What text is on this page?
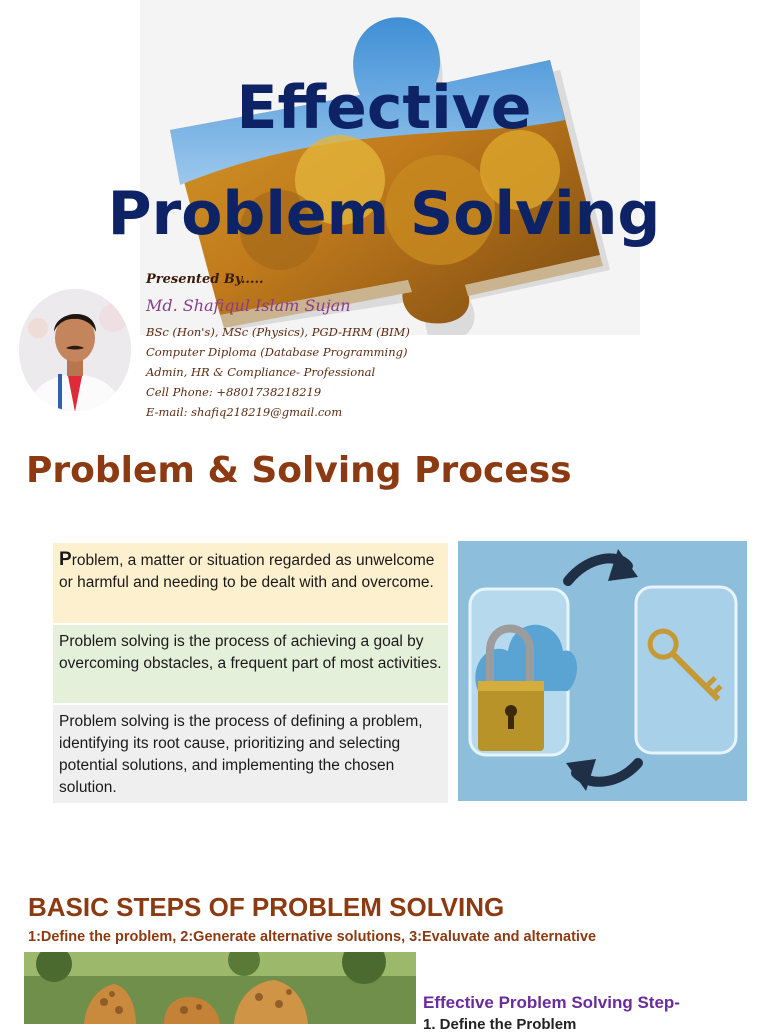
Effective
Problem Solving
Presented By.....
Md. Shafiqul Islam Sujan
BSc (Hon's), MSc (Physics), PGD-HRM (BIM)
Computer Diploma (Database Programming)
Admin, HR & Compliance- Professional
Cell Phone: +8801738218219
E-mail: shafiq218219@gmail.com
Problem & Solving Process
Problem, a matter or situation regarded as unwelcome or harmful and needing to be dealt with and overcome.
Problem solving is the process of achieving a goal by overcoming obstacles, a frequent part of most activities.
Problem solving is the process of defining a problem, identifying its root cause, prioritizing and selecting potential solutions, and implementing the chosen solution.
BASIC STEPS OF PROBLEM SOLVING
1:Define the problem, 2:Generate alternative solutions, 3:Evaluvate and alternative
Effective Problem Solving Step-
1. Define the Problem
